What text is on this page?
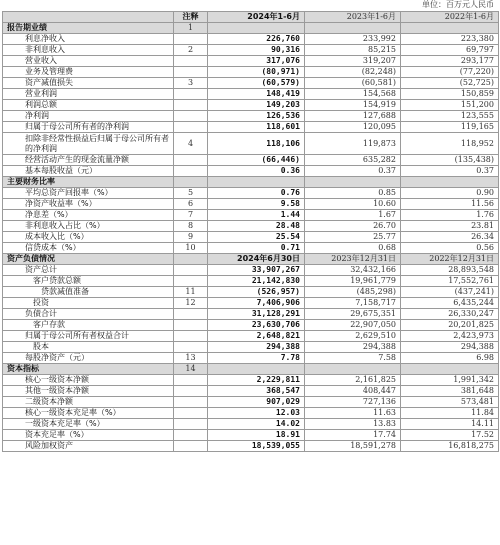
单位：百万元人民币
	注释	2024年1-6月	2023年1-6月	2022年1-6月
报告期业绩	1			
利息净收入		226,760	233,992	223,380
非利息收入	2	90,316	85,215	69,797
营业收入		317,076	319,207	293,177
业务及管理费		(80,971)	(82,248)	(77,220)
资产减值损失	3	(60,579)	(60,581)	(52,725)
营业利润		148,419	154,568	150,859
利润总额		149,203	154,919	151,200
净利润		126,536	127,688	123,555
归属于母公司所有者的净利润		118,601	120,095	119,165
扣除非经常性损益后归属于母公司所有者的净利润	4	118,106	119,873	118,952
经营活动产生的现金流量净额		(66,446)	635,282	(135,438)
基本每股收益（元）		0.36	0.37	0.37
主要财务比率				
平均总资产回报率（%）	5	0.76	0.85	0.90
净资产收益率（%）	6	9.58	10.60	11.56
净息差（%）	7	1.44	1.67	1.76
非利息收入占比（%）	8	28.48	26.70	23.81
成本收入比（%）	9	25.54	25.77	26.34
信贷成本（%）	10	0.71	0.68	0.56
资产负债情况		2024年6月30日	2023年12月31日	2022年12月31日
资产总计		33,907,267	32,432,166	28,893,548
客户贷款总额		21,142,830	19,961,779	17,552,761
贷款减值准备	11	(526,957)	(485,298)	(437,241)
投资	12	7,406,906	7,158,717	6,435,244
负债合计		31,128,291	29,675,351	26,330,247
客户存款		23,630,706	22,907,050	20,201,825
归属于母公司所有者权益合计		2,648,821	2,629,510	2,423,973
股本		294,388	294,388	294,388
每股净资产（元）	13	7.78	7.58	6.98
资本指标	14			
核心一级资本净额		2,229,811	2,161,825	1,991,342
其他一级资本净额		368,547	408,447	381,648
二级资本净额		907,029	727,136	573,481
核心一级资本充足率（%）		12.03	11.63	11.84
一级资本充足率（%）		14.02	13.83	14.11
资本充足率（%）		18.91	17.74	17.52
风险加权资产		18,539,055	18,591,278	16,818,275
